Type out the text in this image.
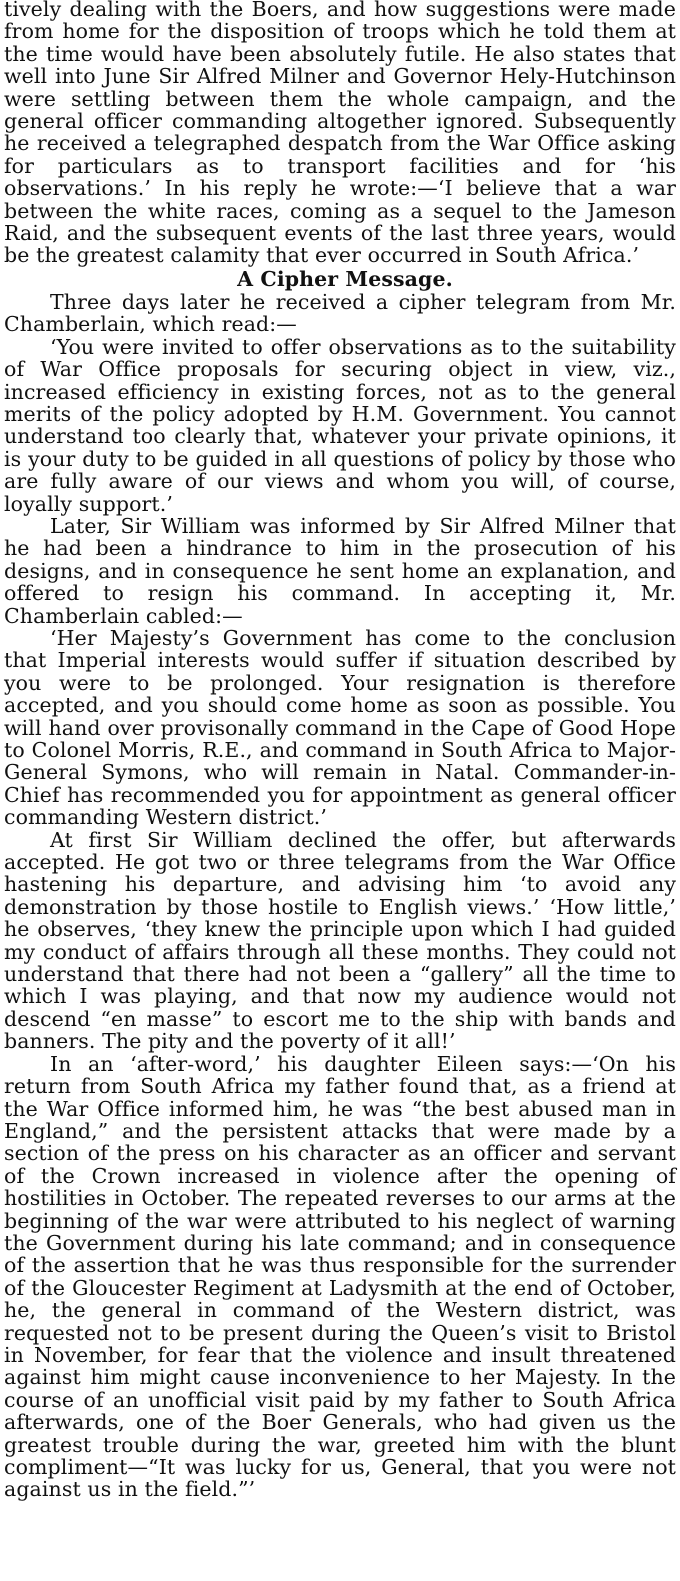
tively dealing with the Boers, and how suggestions were made from home for the disposition of troops which he told them at the time would have been absolutely futile. He also states that well into June Sir Alfred Milner and Governor Hely-Hutchinson were settling between them the whole campaign, and the general officer commanding altogether ignored. Subsequently he received a telegraphed despatch from the War Office asking for particulars as to transport facilities and for ‘his observations.’ In his reply he wrote:—‘I believe that a war between the white races, coming as a sequel to the Jameson Raid, and the subsequent events of the last three years, would be the greatest calamity that ever occurred in South Africa.’

A Cipher Message.

Three days later he received a cipher telegram from Mr. Chamberlain, which read:—

‘You were invited to offer observations as to the suitability of War Office proposals for securing object in view, viz., increased efficiency in existing forces, not as to the general merits of the policy adopted by H.M. Government. You cannot understand too clearly that, whatever your private opinions, it is your duty to be guided in all questions of policy by those who are fully aware of our views and whom you will, of course, loyally support.’

Later, Sir William was informed by Sir Alfred Milner that he had been a hindrance to him in the prosecution of his designs, and in consequence he sent home an explanation, and offered to resign his command. In accepting it, Mr. Chamberlain cabled:—

‘Her Majesty’s Government has come to the conclusion that Imperial interests would suffer if situation described by you were to be prolonged. Your resignation is therefore accepted, and you should come home as soon as possible. You will hand over provisonally command in the Cape of Good Hope to Colonel Morris, R.E., and command in South Africa to Major-General Symons, who will remain in Natal. Commander-in-Chief has recommended you for appointment as general officer commanding Western district.’

At first Sir William declined the offer, but afterwards accepted. He got two or three telegrams from the War Office hastening his departure, and advising him ‘to avoid any demonstration by those hostile to English views.’ ‘How little,’ he observes, ‘they knew the principle upon which I had guided my conduct of affairs through all these months. They could not understand that there had not been a “gallery” all the time to which I was playing, and that now my audience would not descend “en masse” to escort me to the ship with bands and banners. The pity and the poverty of it all!’

In an ‘after-word,’ his daughter Eileen says:—‘On his return from South Africa my father found that, as a friend at the War Office informed him, he was “the best abused man in England,” and the persistent attacks that were made by a section of the press on his character as an officer and servant of the Crown increased in violence after the opening of hostilities in October. The repeated reverses to our arms at the beginning of the war were attributed to his neglect of warning the Government during his late command; and in consequence of the assertion that he was thus responsible for the surrender of the Gloucester Regiment at Ladysmith at the end of October, he, the general in command of the Western district, was requested not to be present during the Queen’s visit to Bristol in November, for fear that the violence and insult threatened against him might cause inconvenience to her Majesty. In the course of an unofficial visit paid by my father to South Africa afterwards, one of the Boer Generals, who had given us the greatest trouble during the war, greeted him with the blunt compliment—“It was lucky for us, General, that you were not against us in the field.”’
